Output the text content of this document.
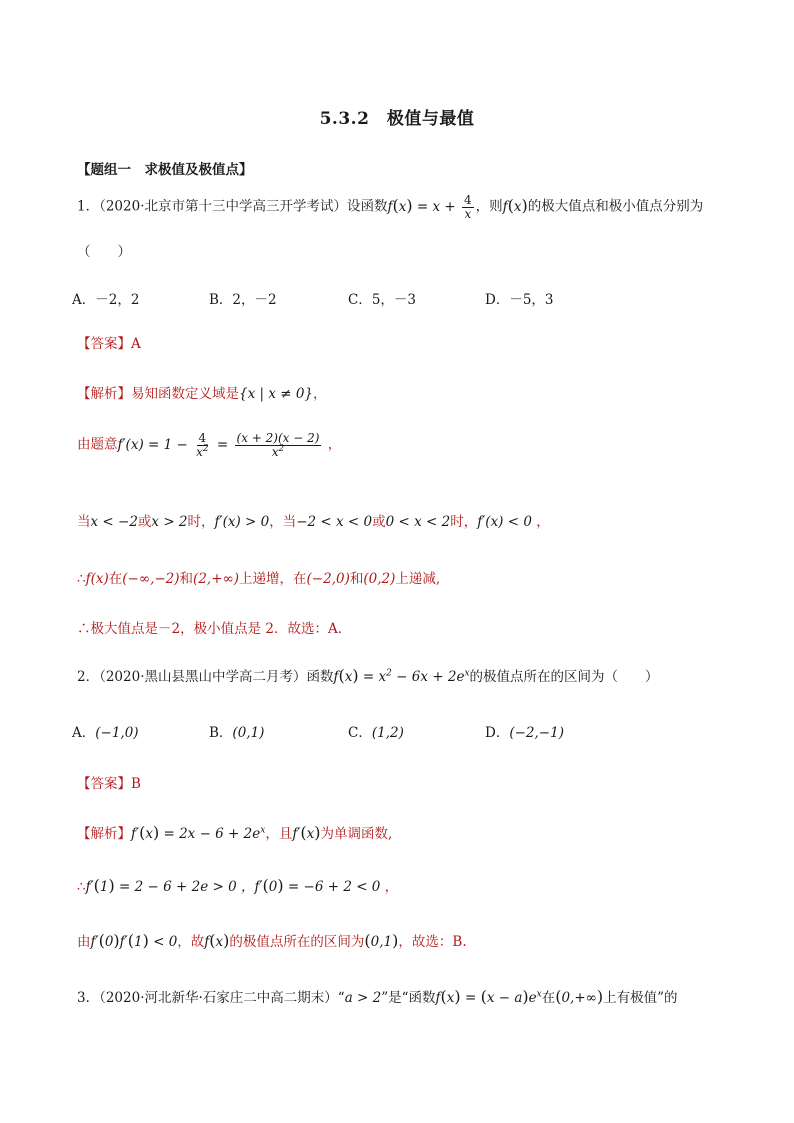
5.3.2　极值与最值
【题组一　求极值及极值点】
1．（2020·北京市第十三中学高三开学考试）设函数$f(x) = x + \frac{4}{x}$ ，则f(x)的极大值点和极小值点分别为
（　　）
A．－2，2	B．2，－2	C．5，－3	D．－5，3
【答案】A
【解析】易知函数定义域是{x | x ≠ 0}，
由题意$f'(x) = 1 - \frac{4}{x^2} = \frac{(x + 2)(x - 2)}{x^2}$ ，
当x < −2或x > 2时，f′(x) > 0，当−2 < x < 0或0 < x < 2时，f′(x) < 0 ，
∴f(x)在(−∞,−2)和(2,+∞)上递增，在(−2,0)和(0,2)上递减,
∴极大值点是－2，极小值点是 2．故选：A．
2．（2020·黑山县黑山中学高二月考）函数$f(x) = x^2 - 6x + 2e^x$的极值点所在的区间为（　　）
A．(−1,0)	B．(0,1)	C．(1,2)	D．(−2,−1)
【答案】B
【解析】$f'(x) = 2x - 6 + 2e^x$，且f′(x)为单调函数,
∴f′(1) = 2 − 6 + 2e > 0 ，f′(0) = −6 + 2 < 0 ，
由f′(0)f′(1) < 0，故f(x)的极值点所在的区间为(0,1)，故选：B.
3．（2020·河北新华·石家庄二中高二期末）“a > 2”是“函数$f(x) = (x - a)e^x$在(0,+∞)上有极值”的
